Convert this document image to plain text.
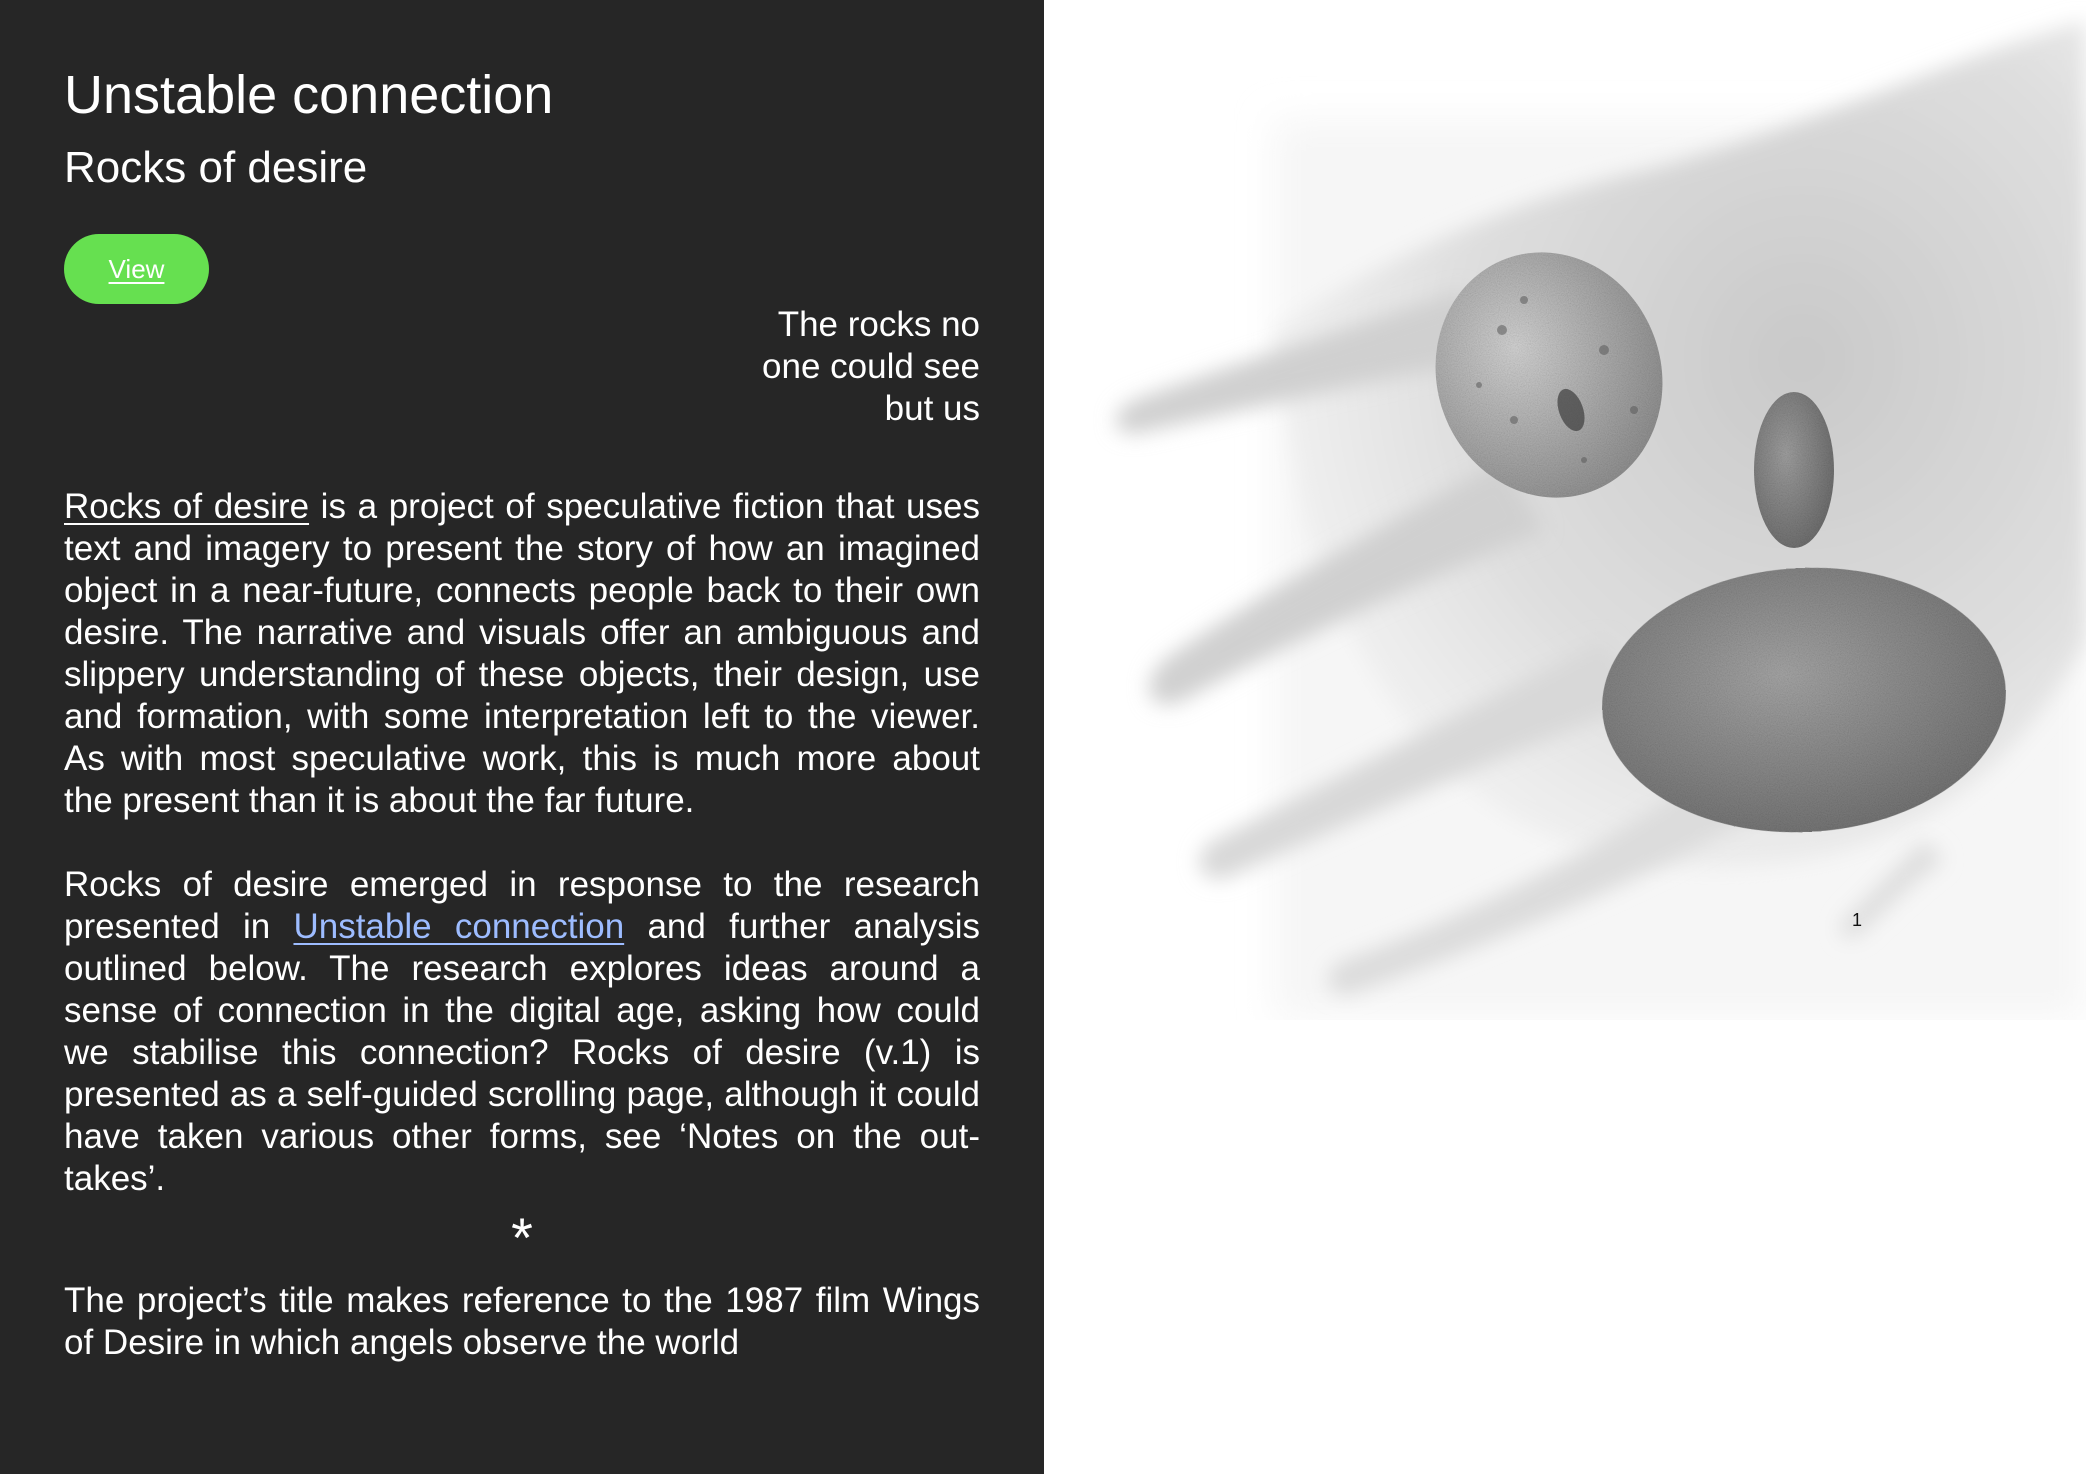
Unstable connection
Rocks of desire
View
The rocks no
one could see
but us

Rocks of desire is a project of speculative fiction that uses text and imagery to present the story of how an imagined object in a near-future, connects people back to their own desire. The narrative and visuals offer an ambiguous and slippery understanding of these objects, their design, use and formation, with some interpretation left to the viewer. As with most speculative work, this is much more about the present than it is about the far future.

Rocks of desire emerged in response to the research presented in Unstable connection and further analysis outlined below. The research explores ideas around a sense of connection in the digital age, asking how could we stabilise this connection? Rocks of desire (v.1) is presented as a self-guided scrolling page, although it could have taken various other forms, see ‘Notes on the out-takes’.

*

The project’s title makes reference to the 1987 film Wings of Desire in which angels observe the world

1
